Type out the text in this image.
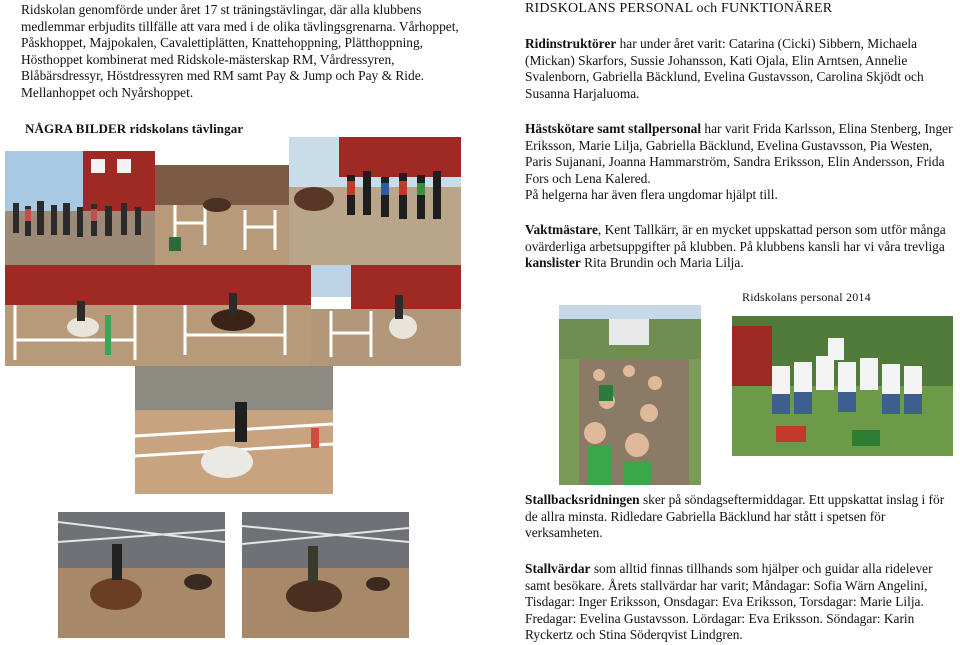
Ridskolan genomförde under året 17 st träningstävlingar, där alla klubbens medlemmar erbjudits tillfälle att vara med i de olika tävlingsgrenarna. Vårhoppet, Påskhoppet, Majpokalen, Cavalettiplätten, Knattehoppning, Plätthoppning, Hösthoppet kombinerat med Ridskole-mästerskap RM, Vårdressyren, Blåbärsdressyr, Höstdressyren med RM samt Pay & Jump och Pay & Ride. Mellanhoppet och Nyårshoppet.

NÅGRA BILDER ridskolans tävlingar
RIDSKOLANS PERSONAL och FUNKTIONÄRER

Ridinstruktörer har under året varit: Catarina (Cicki) Sibbern, Michaela (Mickan) Skarfors, Sussie Johansson, Kati Ojala, Elin Arntsen, Annelie Svalenborn, Gabriella Bäcklund, Evelina Gustavsson, Carolina Skjödt och Susanna Harjaluoma.

Hästskötare samt stallpersonal har varit Frida Karlsson, Elina Stenberg, Inger Eriksson, Marie Lilja, Gabriella Bäcklund, Evelina Gustavsson, Pia Westen, Paris Sujanani, Joanna Hammarström, Sandra Eriksson, Elin Andersson, Frida Fors och Lena Kalered.
På helgerna har även flera ungdomar hjälpt till.

Vaktmästare, Kent Tallkärr, är en mycket uppskattad person som utför många ovärderliga arbetsuppgifter på klubben. På klubbens kansli har vi våra trevliga kanslister Rita Brundin och Maria Lilja.

Ridskolans personal 2014

Stallbacksridningen sker på söndagseftermiddagar. Ett uppskattat inslag i för de allra minsta. Ridledare Gabriella Bäcklund har stått i spetsen för verksamheten.

Stallvärdar som alltid finnas tillhands som hjälper och guidar alla ridelever samt besökare. Årets stallvärdar har varit; Måndagar: Sofia Wärn Angelini, Tisdagar: Inger Eriksson, Onsdagar: Eva Eriksson, Torsdagar: Marie Lilja. Fredagar: Evelina Gustavsson. Lördagar: Eva Eriksson. Söndagar: Karin Ryckertz och Stina Söderqvist Lindgren.
